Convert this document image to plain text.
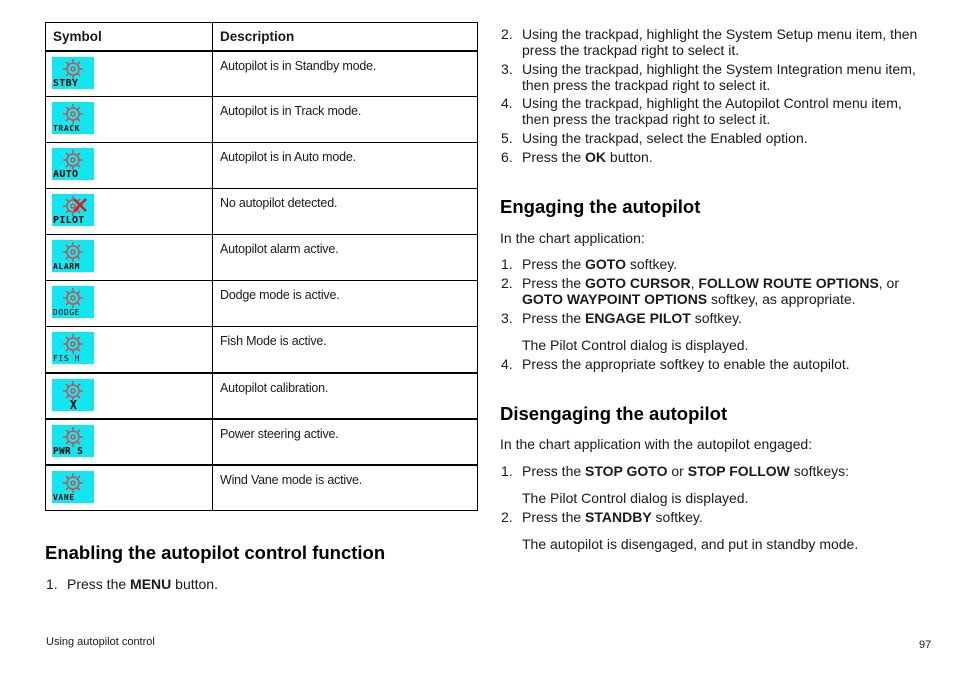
Symbol	Description

STBY	Autopilot is in Standby mode.

TRACK	Autopilot is in Track mode.

AUTO	Autopilot is in Auto mode.

PILOT	No autopilot detected.

ALARM	Autopilot alarm active.

DODGE	Dodge mode is active.

FIS H	Fish Mode is active.

X	Autopilot calibration.

PWR S	Power steering active.

VANE	Wind Vane mode is active.
Enabling the autopilot control function
1. Press the MENU button.
2. Using the trackpad, highlight the System Setup menu item, then
press the trackpad right to select it.
3. Using the trackpad, highlight the System Integration menu item,
then press the trackpad right to select it.
4. Using the trackpad, highlight the Autopilot Control menu item,
then press the trackpad right to select it.
5. Using the trackpad, select the Enabled option.
6. Press the OK button.
Engaging the autopilot
In the chart application:
1. Press the GOTO softkey.
2. Press the GOTO CURSOR, FOLLOW ROUTE OPTIONS, or
GOTO WAYPOINT OPTIONS softkey, as appropriate.
3. Press the ENGAGE PILOT softkey.
The Pilot Control dialog is displayed.
4. Press the appropriate softkey to enable the autopilot.
Disengaging the autopilot
In the chart application with the autopilot engaged:
1. Press the STOP GOTO or STOP FOLLOW softkeys:
The Pilot Control dialog is displayed.
2. Press the STANDBY softkey.
The autopilot is disengaged, and put in standby mode.
Using autopilot control	97
